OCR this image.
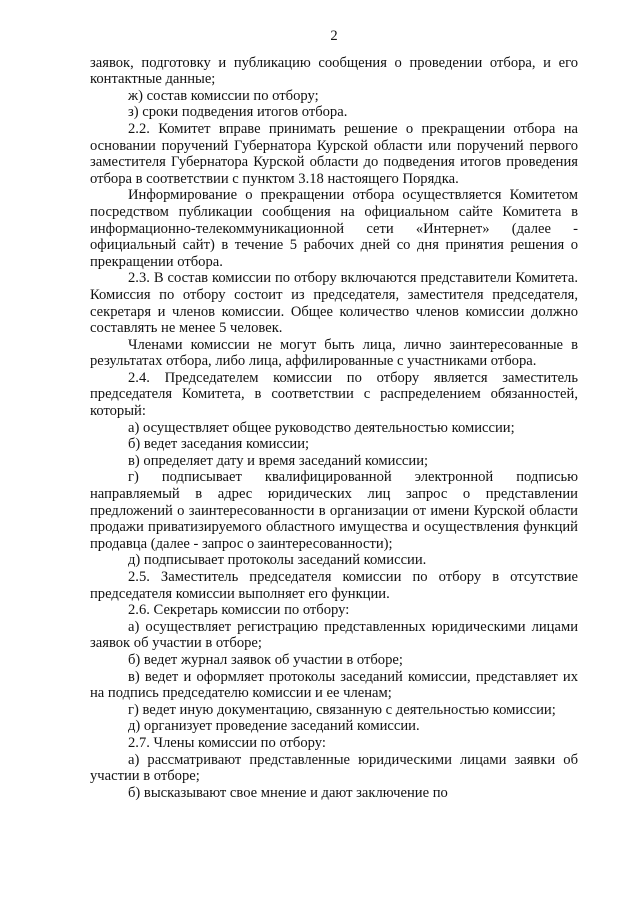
2

заявок, подготовку и публикацию сообщения о проведении отбора, и его контактные данные;

ж) состав комиссии по отбору;

з) сроки подведения итогов отбора.

2.2. Комитет вправе принимать решение о прекращении отбора на основании поручений Губернатора Курской области или поручений первого заместителя Губернатора Курской области до подведения итогов проведения отбора в соответствии с пунктом 3.18 настоящего Порядка.

Информирование о прекращении отбора осуществляется Комитетом посредством публикации сообщения на официальном сайте Комитета в информационно-телекоммуникационной сети «Интернет» (далее - официальный сайт) в течение 5 рабочих дней со дня принятия решения о прекращении отбора.

2.3. В состав комиссии по отбору включаются представители Комитета. Комиссия по отбору состоит из председателя, заместителя председателя, секретаря и членов комиссии. Общее количество членов комиссии должно составлять не менее 5 человек.

Членами комиссии не могут быть лица, лично заинтересованные в результатах отбора, либо лица, аффилированные с участниками отбора.

2.4. Председателем комиссии по отбору является заместитель председателя Комитета, в соответствии с распределением обязанностей, который:

а) осуществляет общее руководство деятельностью комиссии;

б) ведет заседания комиссии;

в) определяет дату и время заседаний комиссии;

г) подписывает квалифицированной электронной подписью направляемый в адрес юридических лиц запрос о представлении предложений о заинтересованности в организации от имени Курской области продажи приватизируемого областного имущества и осуществления функций продавца (далее - запрос о заинтересованности);

д) подписывает протоколы заседаний комиссии.

2.5. Заместитель председателя комиссии по отбору в отсутствие председателя комиссии выполняет его функции.

2.6. Секретарь комиссии по отбору:

а) осуществляет регистрацию представленных юридическими лицами заявок об участии в отборе;

б) ведет журнал заявок об участии в отборе;

в) ведет и оформляет протоколы заседаний комиссии, представляет их на подпись председателю комиссии и ее членам;

г) ведет иную документацию, связанную с деятельностью комиссии;

д) организует проведение заседаний комиссии.

2.7. Члены комиссии по отбору:

а) рассматривают представленные юридическими лицами заявки об участии в отборе;

б) высказывают свое мнение и дают заключение по
